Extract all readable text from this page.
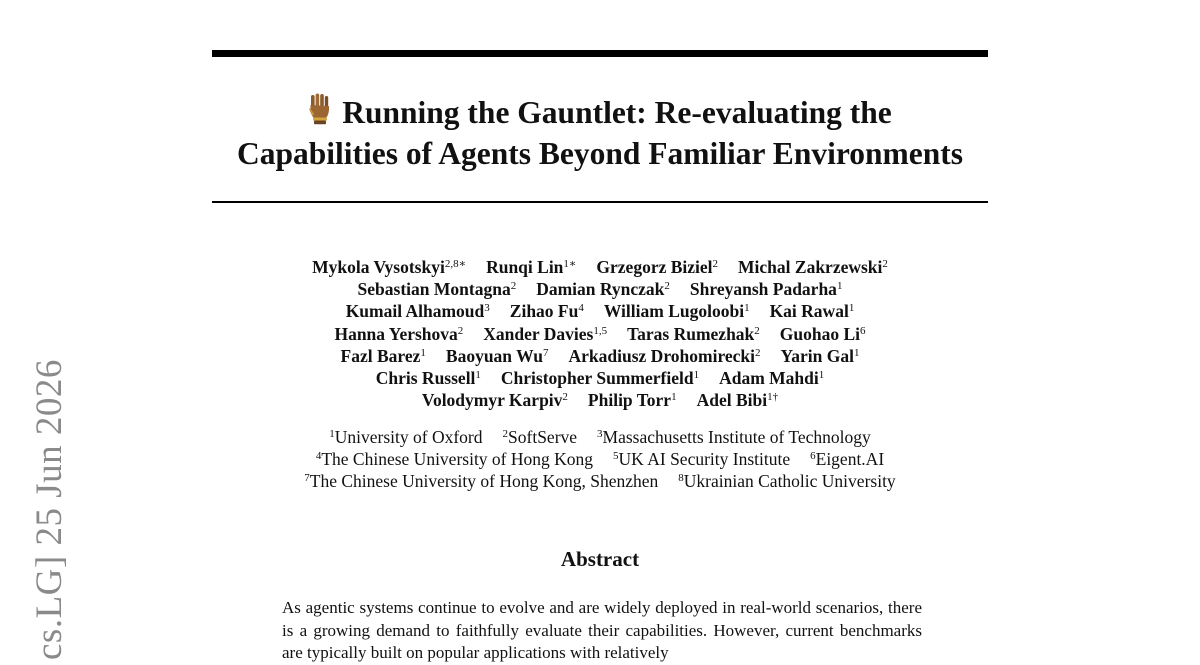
Running the Gauntlet: Re-evaluating the
Capabilities of Agents Beyond Familiar Environments
Mykola Vysotskyi$^{2,8∗}$ Runqi Lin$^{1∗}$ Grzegorz Biziel$^2$ Michal Zakrzewski$^2$
Sebastian Montagna$^2$ Damian Rynczak$^2$ Shreyansh Padarha$^1$
Kumail Alhamoud$^3$ Zihao Fu$^4$ William Lugoloobi$^1$ Kai Rawal$^1$
Hanna Yershova$^2$ Xander Davies$^{1,5}$ Taras Rumezhak$^2$ Guohao Li$^6$
Fazl Barez$^1$ Baoyuan Wu$^7$ Arkadiusz Drohomirecki$^2$ Yarin Gal$^1$
Chris Russell$^1$ Christopher Summerfield$^1$ Adam Mahdi$^1$
Volodymyr Karpiv$^2$ Philip Torr$^1$ Adel Bibi$^{1\dagger}$
$^1$University of Oxford $^2$SoftServe $^3$Massachusetts Institute of Technology
$^4$The Chinese University of Hong Kong $^5$UK AI Security Institute $^6$Eigent.AI
$^7$The Chinese University of Hong Kong, Shenzhen $^8$Ukrainian Catholic University
Abstract

As agentic systems continue to evolve and are widely deployed in real-world scenarios, there is a growing demand to faithfully evaluate their capabilities. However, current benchmarks are typically built on popular applications with relatively

cs.LG] 25 Jun 2026
